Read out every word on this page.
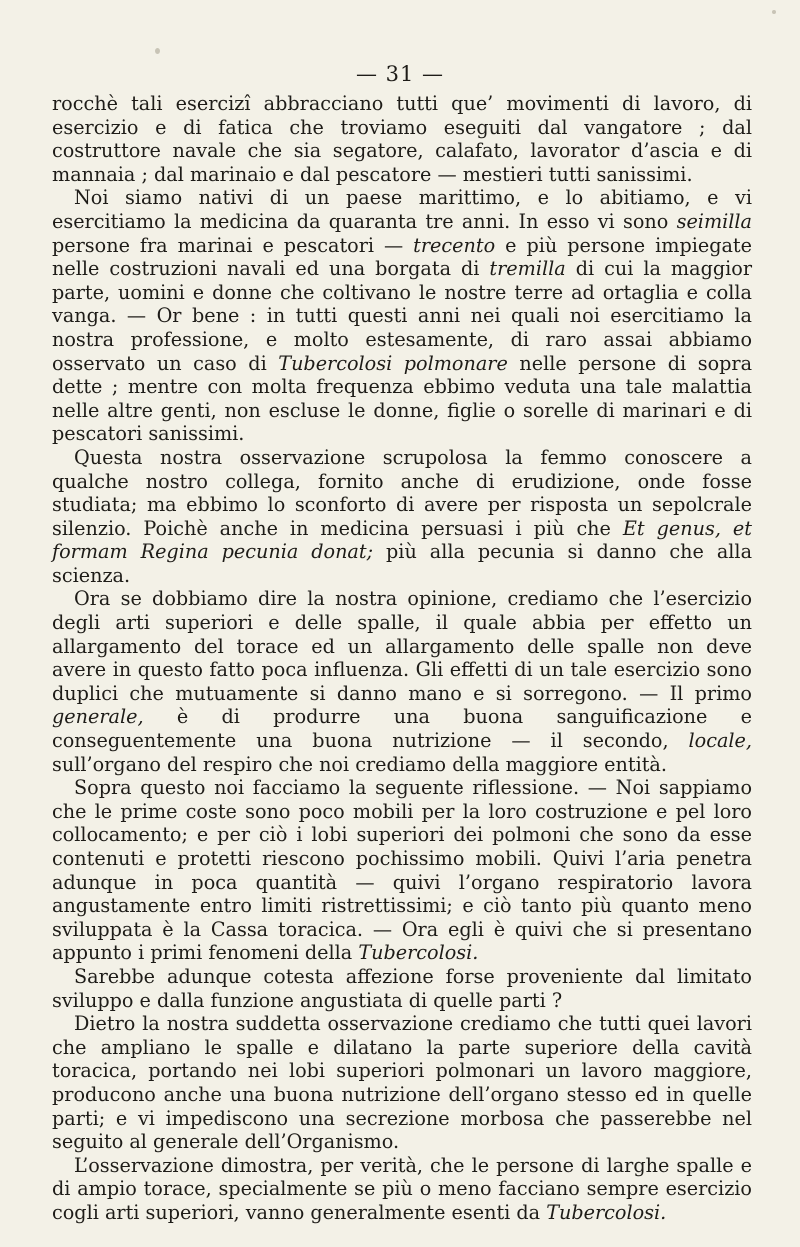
— 31 —

rocchè tali esercizî abbracciano tutti que’ movimenti di lavoro, di esercizio e di fatica che troviamo eseguiti dal vangatore ; dal costruttore navale che sia segatore, calafato, lavorator d’ascia e di mannaia ; dal marinaio e dal pescatore — mestieri tutti sanissimi.

Noi siamo nativi di un paese marittimo, e lo abitiamo, e vi esercitiamo la medicina da quaranta tre anni. In esso vi sono seimilla persone fra marinai e pescatori — trecento e più persone impiegate nelle costruzioni navali ed una borgata di tremilla di cui la maggior parte, uomini e donne che coltivano le nostre terre ad ortaglia e colla vanga. — Or bene : in tutti questi anni nei quali noi esercitiamo la nostra professione, e molto estesamente, di raro assai abbiamo osservato un caso di Tubercolosi polmonare nelle persone di sopra dette ; mentre con molta frequenza ebbimo veduta una tale malattia nelle altre genti, non escluse le donne, figlie o sorelle di marinari e di pescatori sanissimi.

Questa nostra osservazione scrupolosa la femmo conoscere a qualche nostro collega, fornito anche di erudizione, onde fosse studiata; ma ebbimo lo sconforto di avere per risposta un sepolcrale silenzio. Poichè anche in medicina persuasi i più che Et genus, et formam Regina pecunia donat; più alla pecunia si danno che alla scienza.

Ora se dobbiamo dire la nostra opinione, crediamo che l’esercizio degli arti superiori e delle spalle, il quale abbia per effetto un allargamento del torace ed un allargamento delle spalle non deve avere in questo fatto poca influenza. Gli effetti di un tale esercizio sono duplici che mutuamente si danno mano e si sorregono. — Il primo generale, è di produrre una buona sanguificazione e conseguentemente una buona nutrizione — il secondo, locale, sull’organo del respiro che noi crediamo della maggiore entità.

Sopra questo noi facciamo la seguente riflessione. — Noi sappiamo che le prime coste sono poco mobili per la loro costruzione e pel loro collocamento; e per ciò i lobi superiori dei polmoni che sono da esse contenuti e protetti riescono pochissimo mobili. Quivi l’aria penetra adunque in poca quantità — quivi l’organo respiratorio lavora angustamente entro limiti ristrettissimi; e ciò tanto più quanto meno sviluppata è la Cassa toracica. — Ora egli è quivi che si presentano appunto i primi fenomeni della Tubercolosi.

Sarebbe adunque cotesta affezione forse proveniente dal limitato sviluppo e dalla funzione angustiata di quelle parti ?

Dietro la nostra suddetta osservazione crediamo che tutti quei lavori che ampliano le spalle e dilatano la parte superiore della cavità toracica, portando nei lobi superiori polmonari un lavoro maggiore, producono anche una buona nutrizione dell’organo stesso ed in quelle parti; e vi impediscono una secrezione morbosa che passerebbe nel seguito al generale dell’Organismo.

L’osservazione dimostra, per verità, che le persone di larghe spalle e di ampio torace, specialmente se più o meno facciano sempre esercizio cogli arti superiori, vanno generalmente esenti da Tubercolosi.
